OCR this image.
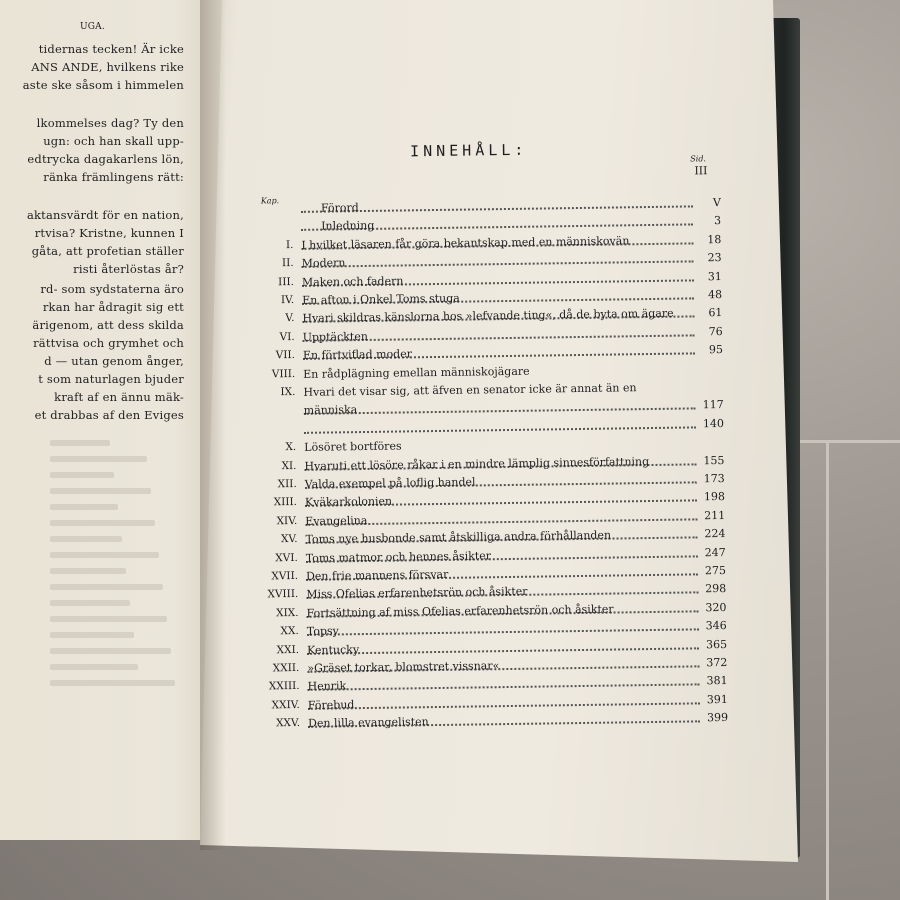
UGA.
tidernas tecken! Är icke
ANS ANDE, hvilkens rike
aste ske såsom i himmelen
lkommelses dag? Ty den
ugn: och han skall upp-
edtrycka dagakarlens lön,
ränka främlingens rätt:
aktansvärdt för en nation,
rtvisa? Kristne, kunnen I
gåta, att profetian ställer
risti återlöstas år?
rd- som sydstaterna äro
rkan har ådragit sig ett
ärigenom, att dess skilda
rättvisa och grymhet och
d — utan genom ånger,
t som naturlagen bjuder
kraft af en ännu mäk-
et drabbas af den Eviges
INNEHÅLL:	Sid.
III
Kap.
Förord	V
Inledning	3
I. I hvilket läsaren får göra bekantskap med en människovän	18
II. Modern	23
III. Maken och fadern	31
IV. En afton i Onkel Toms stuga	48
V. Hvari skildras känslorna hos »lefvande ting«, då de byta om ägare	61
VI. Upptäckten	76
VII. En förtviflad moder	95
VIII. En rådplägning emellan människojägare
IX. Hvari det visar sig, att äfven en senator icke är annat än en
människa	117
140
X. Lösöret bortföres
XI. Hvaruti ett lösöre råkar i en mindre lämplig sinnesförfattning	155
XII. Valda exempel på loflig handel	173
XIII. Kväkarkolonien	198
XIV. Evangelina	211
XV. Toms nye husbonde samt åtskilliga andra förhållanden	224
XVI. Toms matmor och hennes åsikter	247
XVII. Den frie mannens försvar	275
XVIII. Miss Ofelias erfarenhetsrön och åsikter	298
XIX. Fortsättning af miss Ofelias erfarenhetsrön och åsikter	320
XX. Topsy	346
XXI. Kentucky	365
XXII. »Gräset torkar, blomstret vissnar«	372
XXIII. Henrik	381
XXIV. Förebud	391
XXV. Den lilla evangelisten	399
